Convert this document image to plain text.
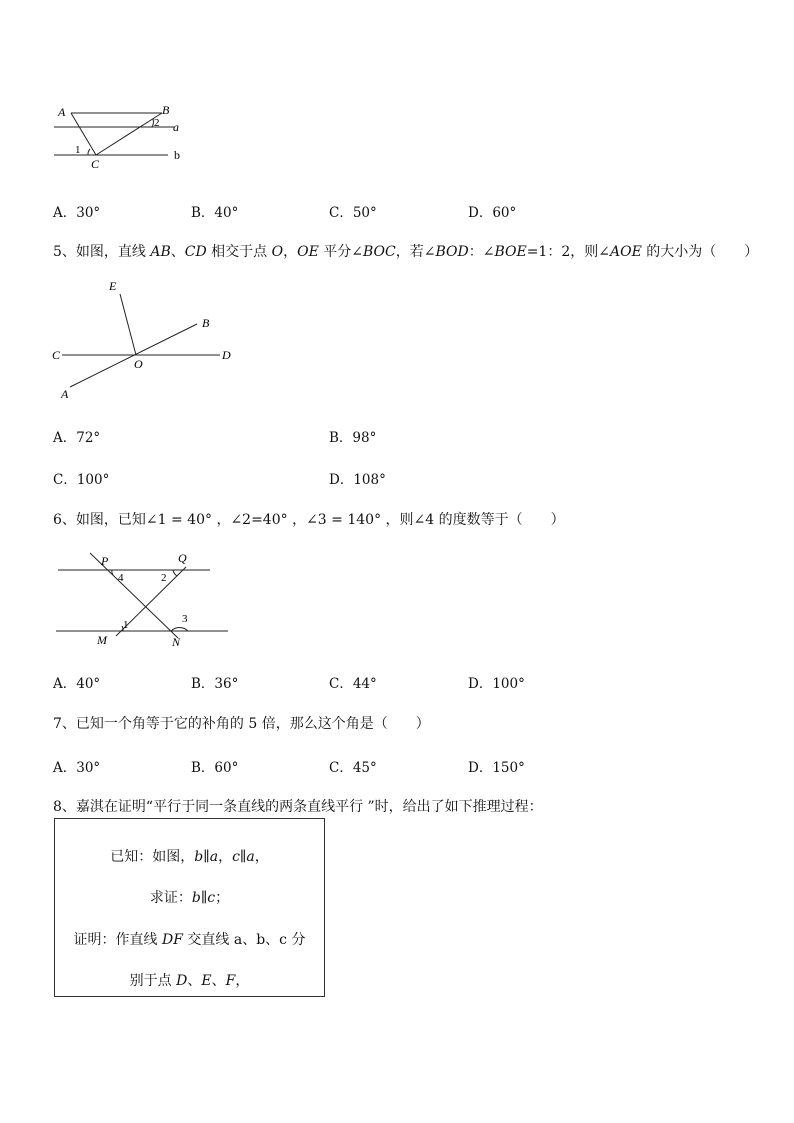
A	B
C
a
b
1
2
A．30°	B．40°	C．50°	D．60°
5、如图，直线 AB、CD 相交于点 O，OE 平分∠BOC，若∠BOD：∠BOE=1：2，则∠AOE 的大小为（　　）
E
B
C
O
D
A
A．72°	B．98°
C．100°	D．108°
6、如图，已知∠1 = 40° ，∠2=40° ，∠3 = 140° ，则∠4 的度数等于（　　）
P	Q
M	N
1
2
3
4
A．40°	B．36°	C．44°	D．100°
7、已知一个角等于它的补角的 5 倍，那么这个角是（　　）
A．30°	B．60°	C．45°	D．150°
8、嘉淇在证明“平行于同一条直线的两条直线平行 ”时，给出了如下推理过程：
已知：如图，b∥a，c∥a，
求证：b∥c；
证明：作直线 DF 交直线 a、b、c 分
别于点 D、E、F，
